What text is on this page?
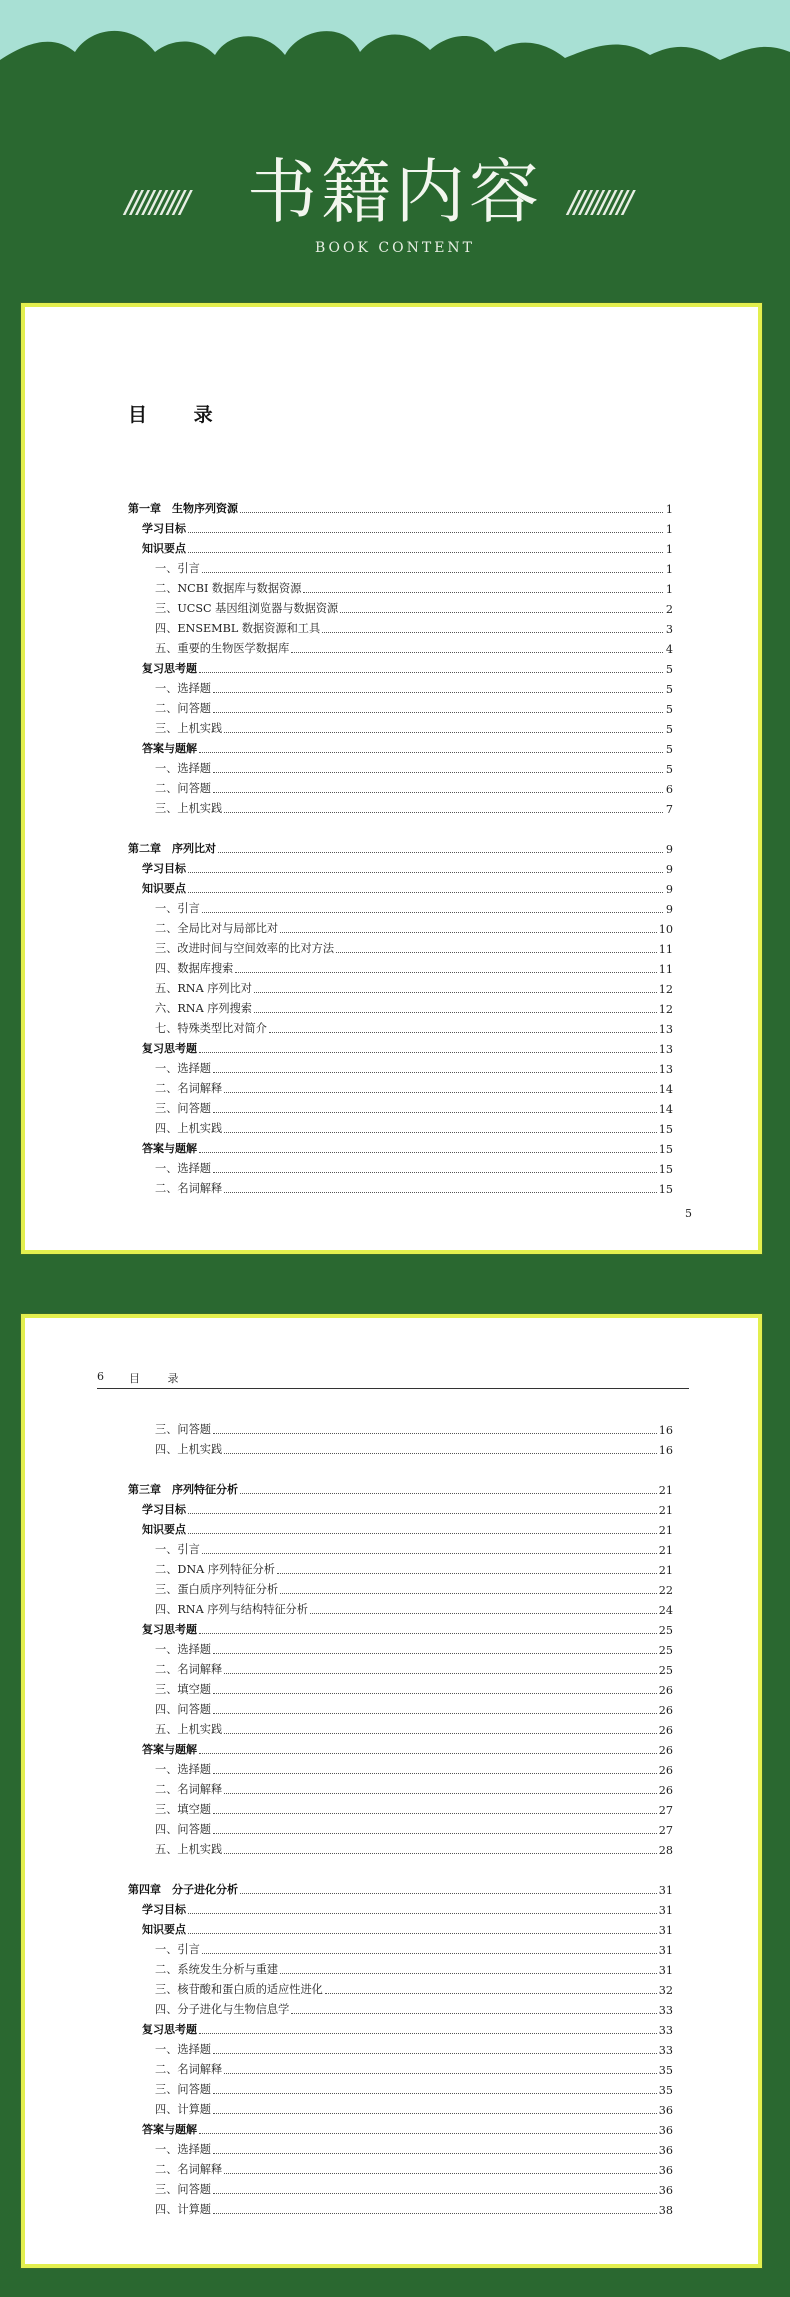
////////// 书籍内容 //////////
BOOK CONTENT
目 录
第一章　生物序列资源	1
学习目标	1
知识要点	1
一、引言	1
二、NCBI 数据库与数据资源	1
三、UCSC 基因组浏览器与数据资源	2
四、ENSEMBL 数据资源和工具	3
五、重要的生物医学数据库	4
复习思考题	5
一、选择题	5
二、问答题	5
三、上机实践	5
答案与题解	5
一、选择题	5
二、问答题	6
三、上机实践	7
第二章　序列比对	9
学习目标	9
知识要点	9
一、引言	9
二、全局比对与局部比对	10
三、改进时间与空间效率的比对方法	11
四、数据库搜索	11
五、RNA 序列比对	12
六、RNA 序列搜索	12
七、特殊类型比对简介	13
复习思考题	13
一、选择题	13
二、名词解释	14
三、问答题	14
四、上机实践	15
答案与题解	15
一、选择题	15
二、名词解释	15
5
6 目 录
三、问答题	16
四、上机实践	16
第三章　序列特征分析	21
学习目标	21
知识要点	21
一、引言	21
二、DNA 序列特征分析	21
三、蛋白质序列特征分析	22
四、RNA 序列与结构特征分析	24
复习思考题	25
一、选择题	25
二、名词解释	25
三、填空题	26
四、问答题	26
五、上机实践	26
答案与题解	26
一、选择题	26
二、名词解释	26
三、填空题	27
四、问答题	27
五、上机实践	28
第四章　分子进化分析	31
学习目标	31
知识要点	31
一、引言	31
二、系统发生分析与重建	31
三、核苷酸和蛋白质的适应性进化	32
四、分子进化与生物信息学	33
复习思考题	33
一、选择题	33
二、名词解释	35
三、问答题	35
四、计算题	36
答案与题解	36
一、选择题	36
二、名词解释	36
三、问答题	36
四、计算题	38
